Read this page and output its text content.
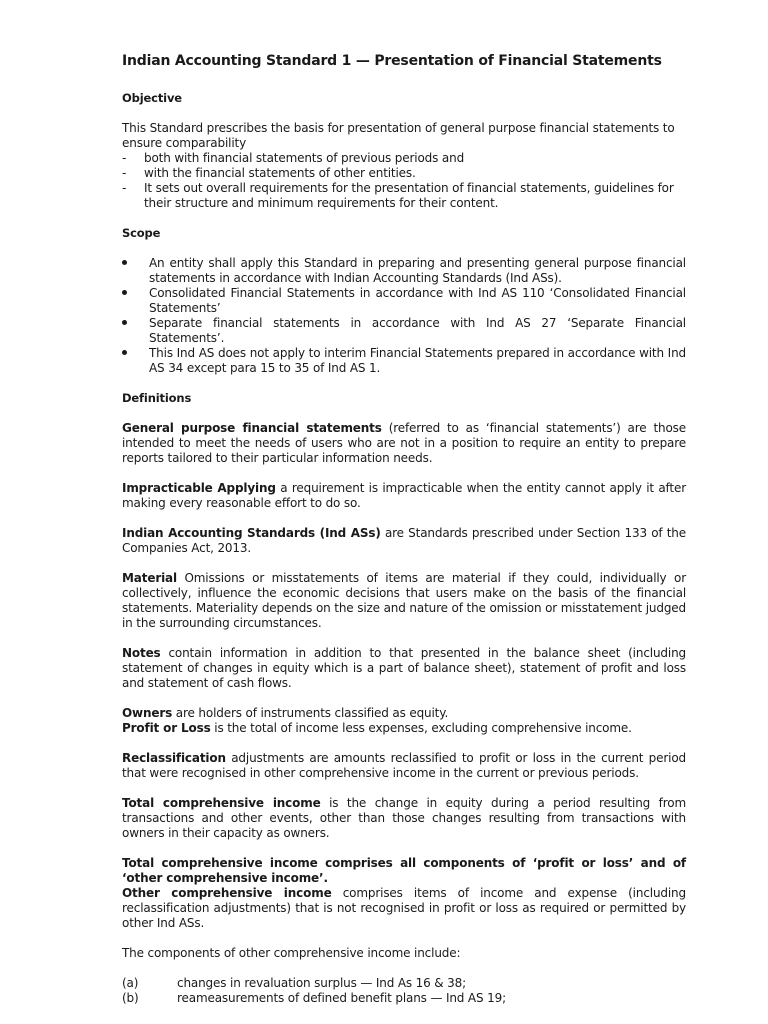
Indian Accounting Standard 1 — Presentation of Financial Statements
Objective

This Standard prescribes the basis for presentation of general purpose financial statements to ensure comparability

- both with financial statements of previous periods and
- with the financial statements of other entities.
- It sets out overall requirements for the presentation of financial statements, guidelines for their structure and minimum requirements for their content.
Scope
An entity shall apply this Standard in preparing and presenting general purpose financial statements in accordance with Indian Accounting Standards (Ind ASs).
Consolidated Financial Statements in accordance with Ind AS 110 ‘Consolidated Financial Statements’
Separate financial statements in accordance with Ind AS 27 ‘Separate Financial Statements’.
This Ind AS does not apply to interim Financial Statements prepared in accordance with Ind AS 34 except para 15 to 35 of Ind AS 1.
Definitions

General purpose financial statements (referred to as ‘financial statements’) are those intended to meet the needs of users who are not in a position to require an entity to prepare reports tailored to their particular information needs.

Impracticable Applying a requirement is impracticable when the entity cannot apply it after making every reasonable effort to do so.

Indian Accounting Standards (Ind ASs) are Standards prescribed under Section 133 of the Companies Act, 2013.

Material Omissions or misstatements of items are material if they could, individually or collectively, influence the economic decisions that users make on the basis of the financial statements. Materiality depends on the size and nature of the omission or misstatement judged in the surrounding circumstances.

Notes contain information in addition to that presented in the balance sheet (including statement of changes in equity which is a part of balance sheet), statement of profit and loss and statement of cash flows.

Owners are holders of instruments classified as equity.

Profit or Loss is the total of income less expenses, excluding comprehensive income.

Reclassification adjustments are amounts reclassified to profit or loss in the current period that were recognised in other comprehensive income in the current or previous periods.

Total comprehensive income is the change in equity during a period resulting from transactions and other events, other than those changes resulting from transactions with owners in their capacity as owners.

Total comprehensive income comprises all components of ‘profit or loss’ and of ‘other comprehensive income’.

Other comprehensive income comprises items of income and expense (including reclassification adjustments) that is not recognised in profit or loss as required or permitted by other Ind ASs.

The components of other comprehensive income include:

(a)	changes in revaluation surplus — Ind As 16 & 38;
(b)	reameasurements of defined benefit plans — Ind AS 19;
